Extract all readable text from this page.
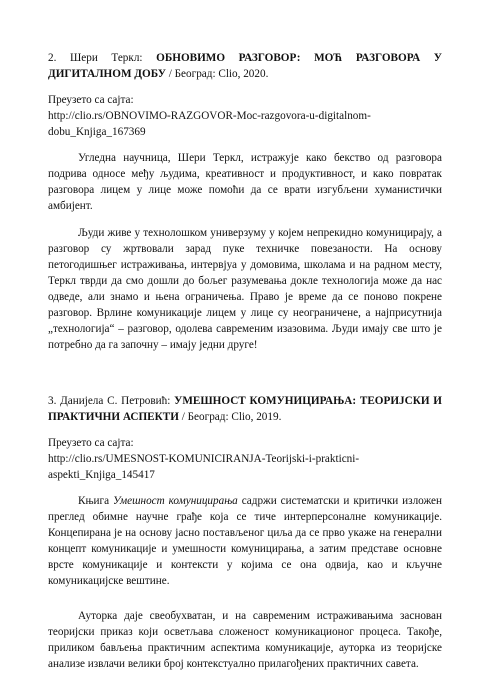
2. Шери Теркл: ОБНОВИМО РАЗГОВОР: МОЋ РАЗГОВОРА У ДИГИТАЛНОМ ДОБУ / Београд: Clio, 2020.
Преузето са сајта:
http://clio.rs/OBNOVIMO-RAZGOVOR-Moc-razgovora-u-digitalnom-
dobu_Knjiga_167369

Угледна научница, Шери Теркл, истражује како бекство од разговора подрива односе међу људима, креативност и продуктивност, и како повратак разговора лицем у лице може помоћи да се врати изгубљени хуманистички амбијент.

Људи живе у технолошком универзуму у којем непрекидно комуницирају, а разговор су жртвовали зарад пуке техничке повезаности. На основу петогодишњег истраживања, интервјуа у домовима, школама и на радном месту, Теркл тврди да смо дошли до бољег разумевања докле технологија може да нас одведе, али знамо и њена ограничења. Право је време да се поново покрене разговор. Врлине комуникације лицем у лице су неограничене, а најприсутнија „технологија“ – разговор, одолева савременим изазовима. Људи имају све што је потребно да га започну – имају једни друге!

3. Данијела С. Петровић: УМЕШНОСТ КОМУНИЦИРАЊА: ТЕОРИЈСКИ И ПРАКТИЧНИ АСПЕКТИ / Београд: Clio, 2019.
Преузето са сајта:
http://clio.rs/UMESNOST-KOMUNICIRANJA-Teorijski-i-prakticni-
aspekti_Knjiga_145417

Књига Умешност комуницирања садржи систематски и критички изложен преглед обимне научне грађе која се тиче интерперсоналне комуникације. Концепирана је на основу јасно постављеног циља да се прво укаже на генерални концепт комуникације и умешности комуницирања, а затим представе основне врсте комуникације и контексти у којима се она одвија, као и кључне комуникацијске вештине.

Ауторка даје свеобухватан, и на савременим истраживањима заснован теоријски приказ који осветљава сложеност комуникационог процеса. Такође, приликом бављења практичним аспектима комуникације, ауторка из теоријске анализе извлачи велики број контекстуално прилагођених практичних савета.
